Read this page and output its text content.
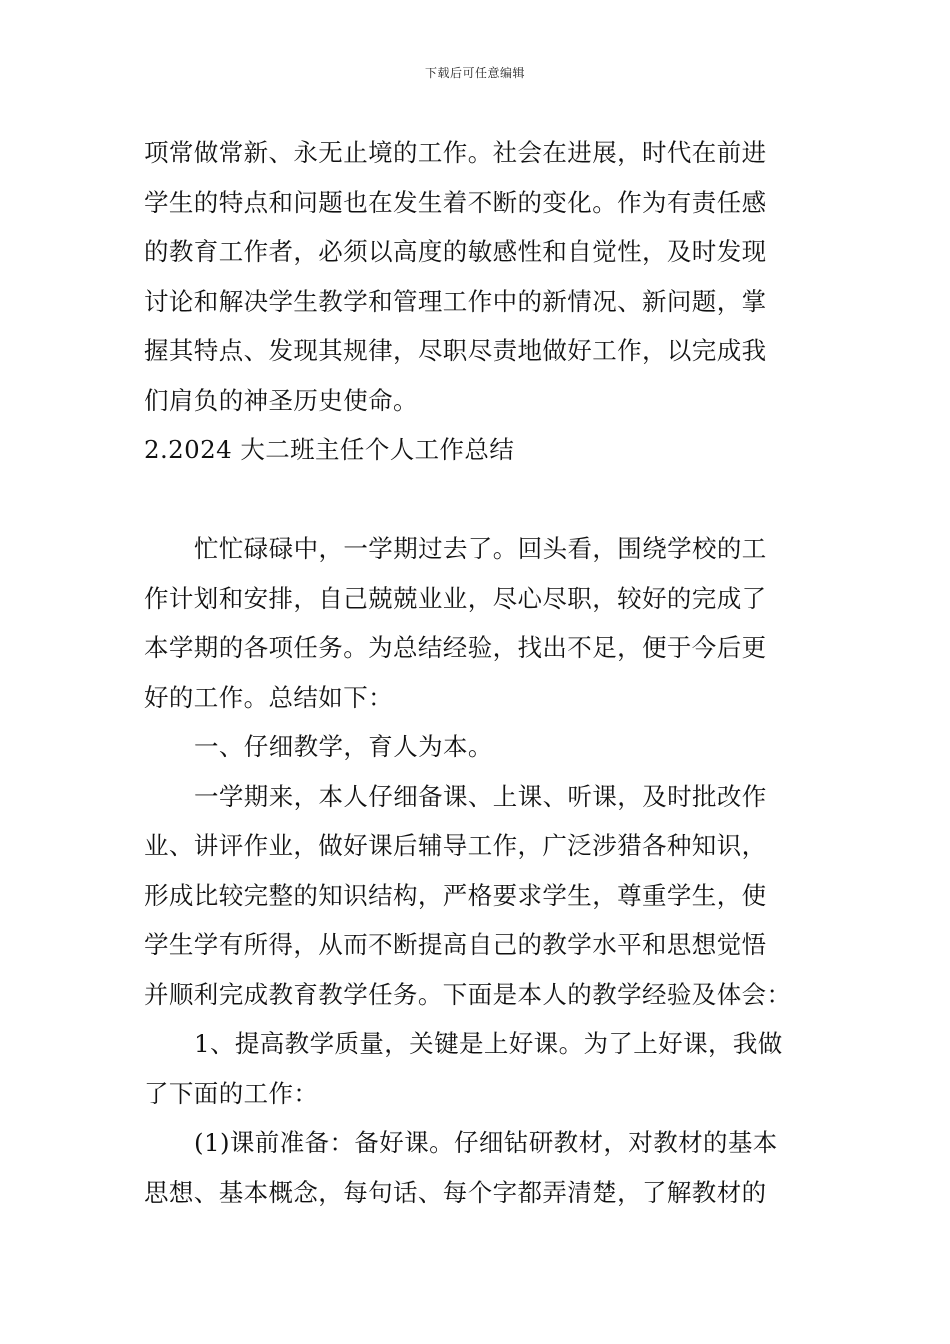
下载后可任意编辑
项常做常新、永无止境的工作。社会在进展，时代在前进
学生的特点和问题也在发生着不断的变化。作为有责任感
的教育工作者，必须以高度的敏感性和自觉性，及时发现
讨论和解决学生教学和管理工作中的新情况、新问题，掌
握其特点、发现其规律，尽职尽责地做好工作，以完成我
们肩负的神圣历史使命。
2.2024 大二班主任个人工作总结
忙忙碌碌中，一学期过去了。回头看，围绕学校的工
作计划和安排，自己兢兢业业，尽心尽职，较好的完成了
本学期的各项任务。为总结经验，找出不足，便于今后更
好的工作。总结如下：
一、仔细教学，育人为本。
一学期来，本人仔细备课、上课、听课，及时批改作
业、讲评作业，做好课后辅导工作，广泛涉猎各种知识，
形成比较完整的知识结构，严格要求学生，尊重学生，使
学生学有所得，从而不断提高自己的教学水平和思想觉悟
并顺利完成教育教学任务。下面是本人的教学经验及体会：
1、提高教学质量，关键是上好课。为了上好课，我做
了下面的工作：
(1)课前准备：备好课。仔细钻研教材，对教材的基本
思想、基本概念，每句话、每个字都弄清楚，了解教材的
